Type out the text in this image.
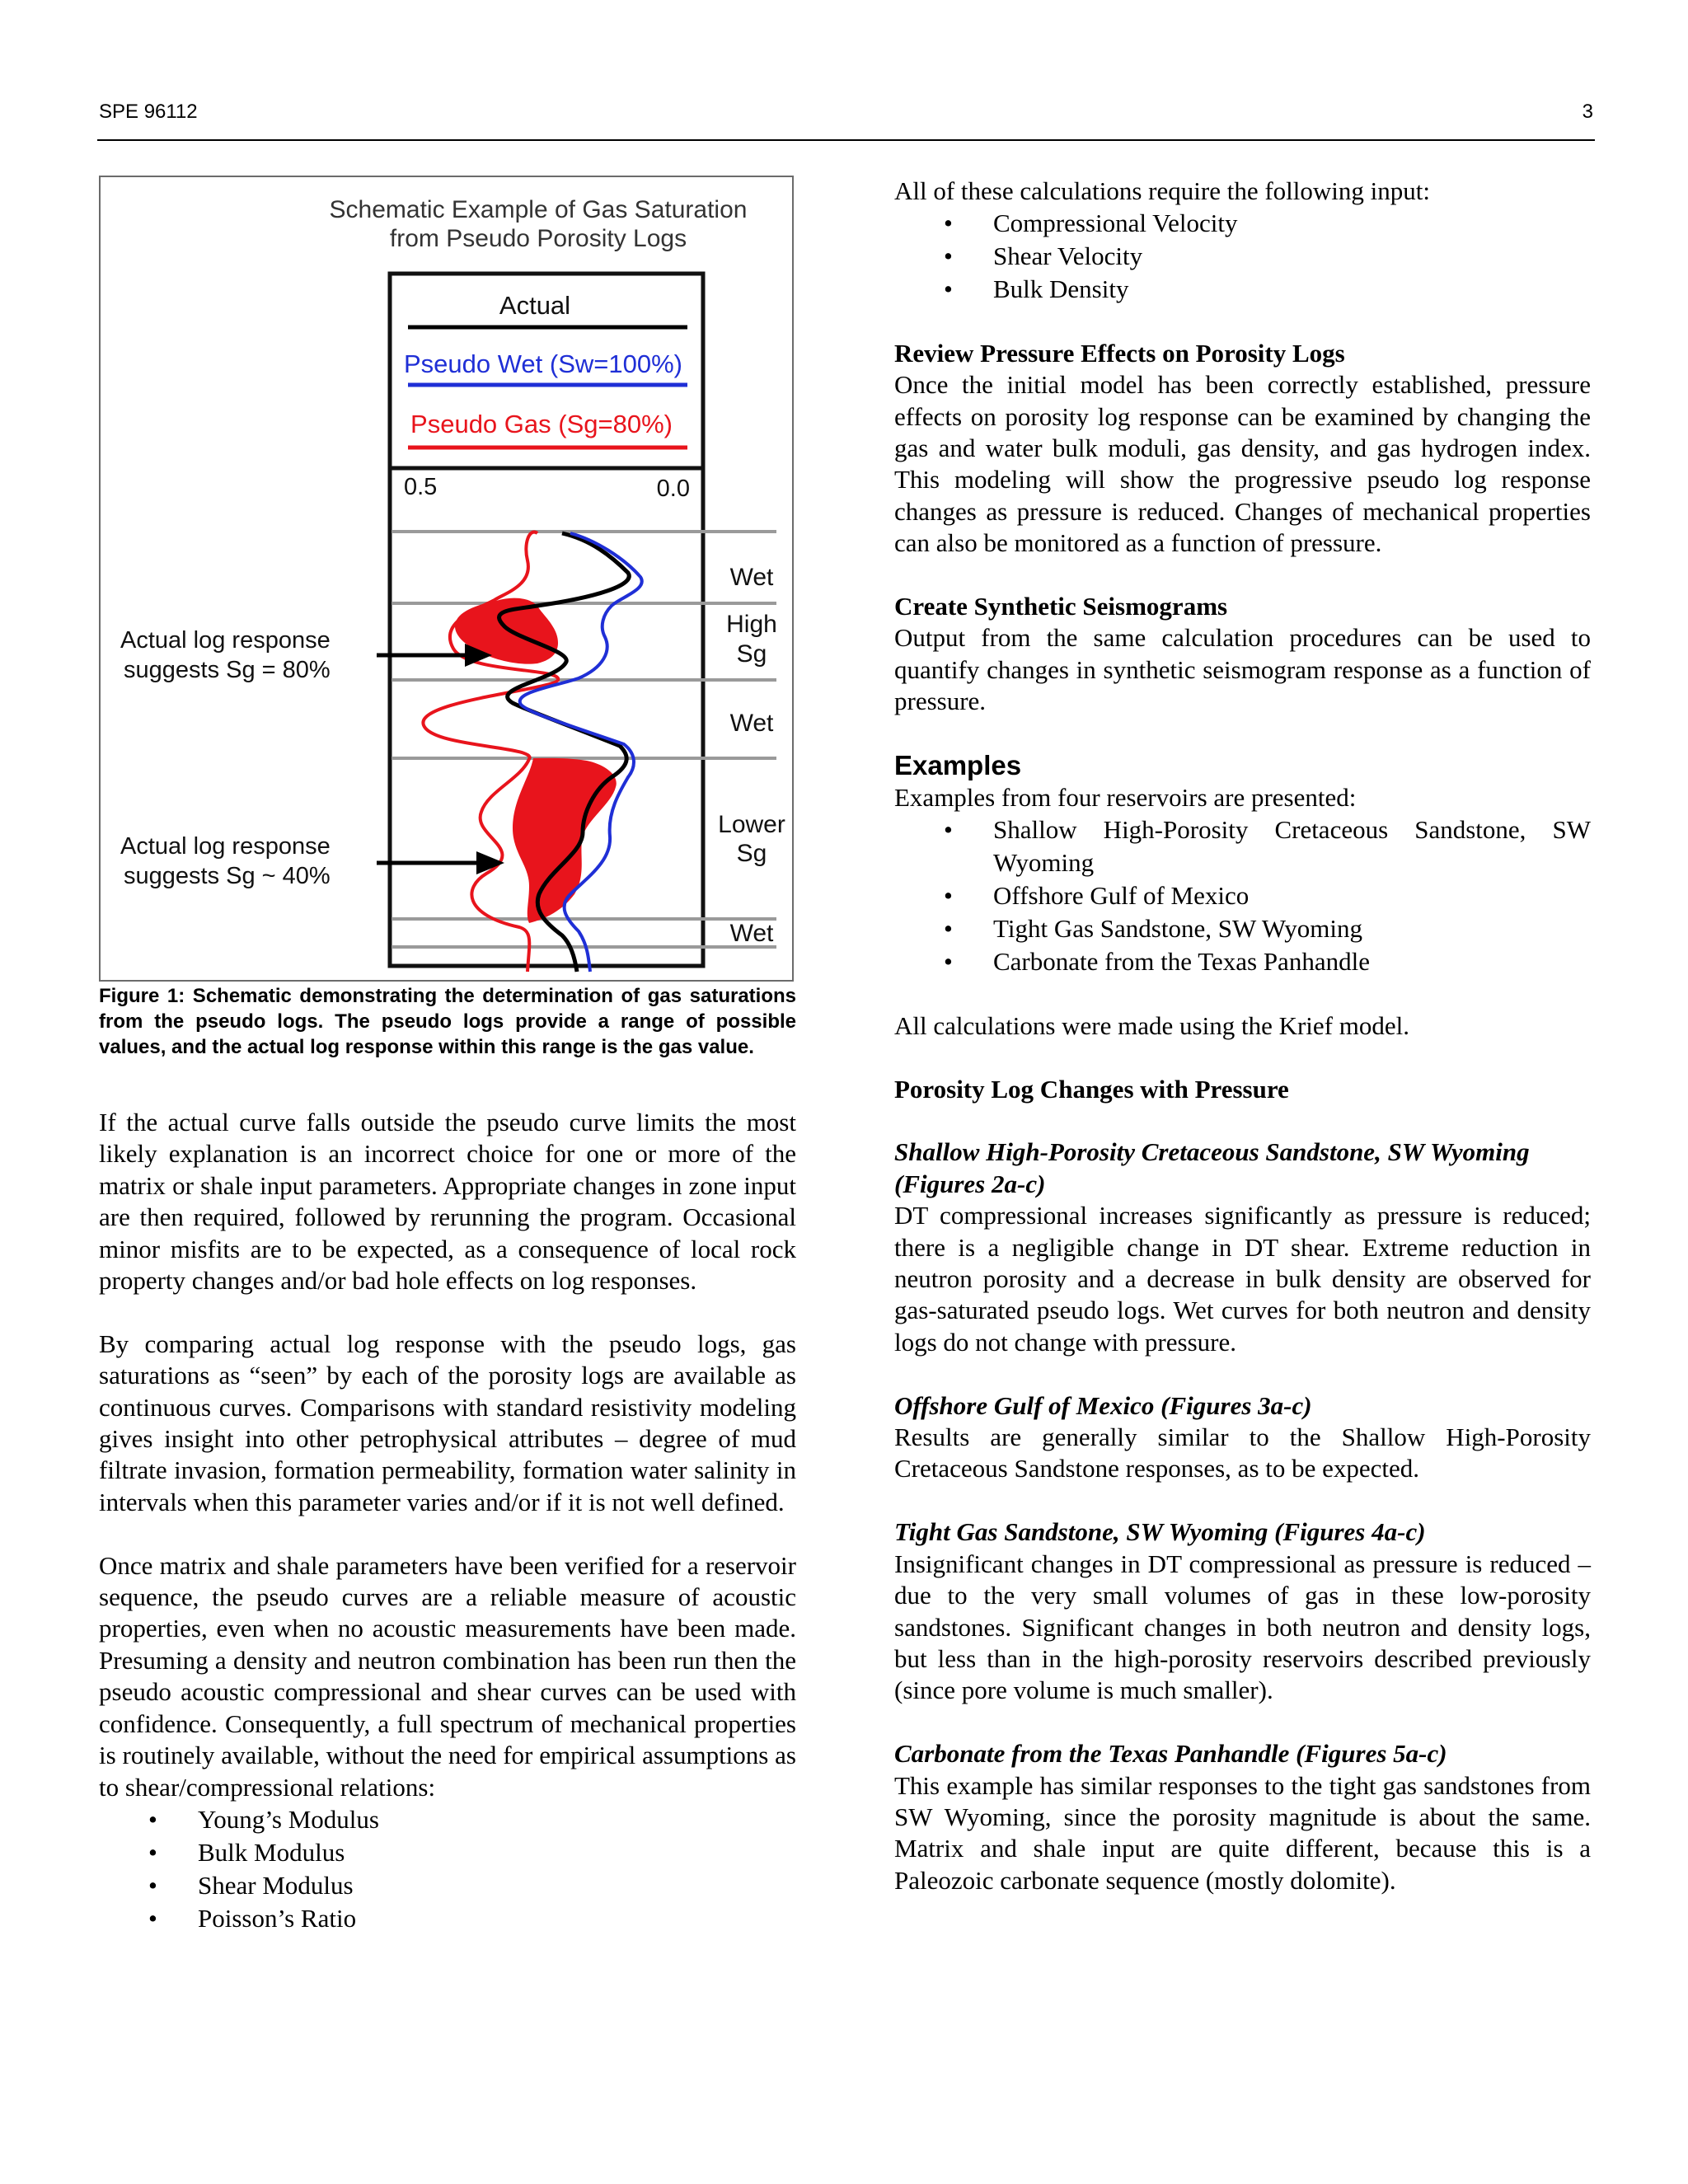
SPE 96112	3
Schematic Example of Gas Saturation
from Pseudo Porosity Logs
Actual
Pseudo Wet (Sw=100%)
Pseudo Gas (Sg=80%)
0.5	0.0
Wet
High
Sg
Wet
Lower
Sg
Wet
Actual log response
suggests Sg = 80%
Actual log response
suggests Sg ~ 40%
Figure 1: Schematic demonstrating the determination of gas saturations from the pseudo logs. The pseudo logs provide a range of possible values, and the actual log response within this range is the gas value.

If the actual curve falls outside the pseudo curve limits the most likely explanation is an incorrect choice for one or more of the matrix or shale input parameters. Appropriate changes in zone input are then required, followed by rerunning the program. Occasional minor misfits are to be expected, as a consequence of local rock property changes and/or bad hole effects on log responses.

By comparing actual log response with the pseudo logs, gas saturations as “seen” by each of the porosity logs are available as continuous curves. Comparisons with standard resistivity modeling gives insight into other petrophysical attributes – degree of mud filtrate invasion, formation permeability, formation water salinity in intervals when this parameter varies and/or if it is not well defined.

Once matrix and shale parameters have been verified for a reservoir sequence, the pseudo curves are a reliable measure of acoustic properties, even when no acoustic measurements have been made. Presuming a density and neutron combination has been run then the pseudo acoustic compressional and shear curves can be used with confidence. Consequently, a full spectrum of mechanical properties is routinely available, without the need for empirical assumptions as to shear/compressional relations:

• Young’s Modulus
• Bulk Modulus
• Shear Modulus
• Poisson’s Ratio

All of these calculations require the following input:

• Compressional Velocity
• Shear Velocity
• Bulk Density
Review Pressure Effects on Porosity Logs

Once the initial model has been correctly established, pressure effects on porosity log response can be examined by changing the gas and water bulk moduli, gas density, and gas hydrogen index. This modeling will show the progressive pseudo log response changes as pressure is reduced. Changes of mechanical properties can also be monitored as a function of pressure.

Create Synthetic Seismograms

Output from the same calculation procedures can be used to quantify changes in synthetic seismogram response as a function of pressure.

Examples

Examples from four reservoirs are presented:

• Shallow High-Porosity Cretaceous Sandstone, SW Wyoming
• Offshore Gulf of Mexico
• Tight Gas Sandstone, SW Wyoming
• Carbonate from the Texas Panhandle

All calculations were made using the Krief model.

Porosity Log Changes with Pressure
Shallow High-Porosity Cretaceous Sandstone, SW Wyoming (Figures 2a-c)

DT compressional increases significantly as pressure is reduced; there is a negligible change in DT shear. Extreme reduction in neutron porosity and a decrease in bulk density are observed for gas-saturated pseudo logs. Wet curves for both neutron and density logs do not change with pressure.

Offshore Gulf of Mexico (Figures 3a-c)

Results are generally similar to the Shallow High-Porosity Cretaceous Sandstone responses, as to be expected.

Tight Gas Sandstone, SW Wyoming (Figures 4a-c)

Insignificant changes in DT compressional as pressure is reduced – due to the very small volumes of gas in these low-porosity sandstones. Significant changes in both neutron and density logs, but less than in the high-porosity reservoirs described previously (since pore volume is much smaller).

Carbonate from the Texas Panhandle (Figures 5a-c)

This example has similar responses to the tight gas sandstones from SW Wyoming, since the porosity magnitude is about the same. Matrix and shale input are quite different, because this is a Paleozoic carbonate sequence (mostly dolomite).
